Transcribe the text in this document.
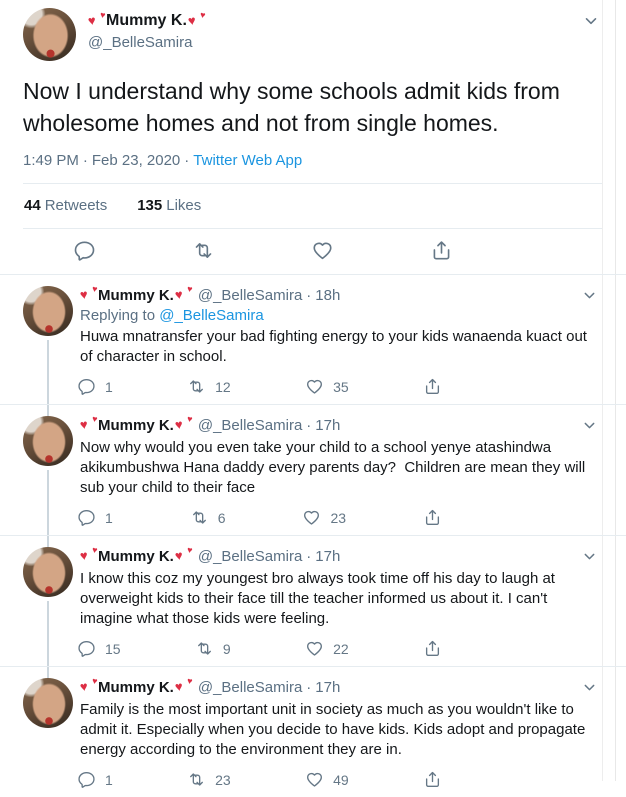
♥ ♥
Mummy K.
♥ ♥
@_BelleSamira
Now I understand why some schools admit kids from wholesome homes and not from single homes.
1:49 PM · Feb 23, 2020 · Twitter Web App
44 Retweets 135 Likes
♥ ♥
Mummy K. ♥ ♥ @_BelleSamira · 18h
Replying to @_BelleSamira
Huwa mnatransfer your bad fighting energy to your kids wanaenda kuact out of character in school.
1	12	35
♥ ♥
Mummy K. ♥ ♥ @_BelleSamira · 17h
Now why would you even take your child to a school yenye atashindwa akikumbushwa Hana daddy every parents day?  Children are mean they will sub your child to their face
1	6	23
♥ ♥
Mummy K. ♥ ♥ @_BelleSamira · 17h
I know this coz my youngest bro always took time off his day to laugh at overweight kids to their face till the teacher informed us about it. I can't imagine what those kids were feeling.
15	9	22
♥ ♥
Mummy K. ♥ ♥ @_BelleSamira · 17h
Family is the most important unit in society as much as you wouldn't like to admit it. Especially when you decide to have kids. Kids adopt and propagate energy according to the environment they are in.
1	23	49
